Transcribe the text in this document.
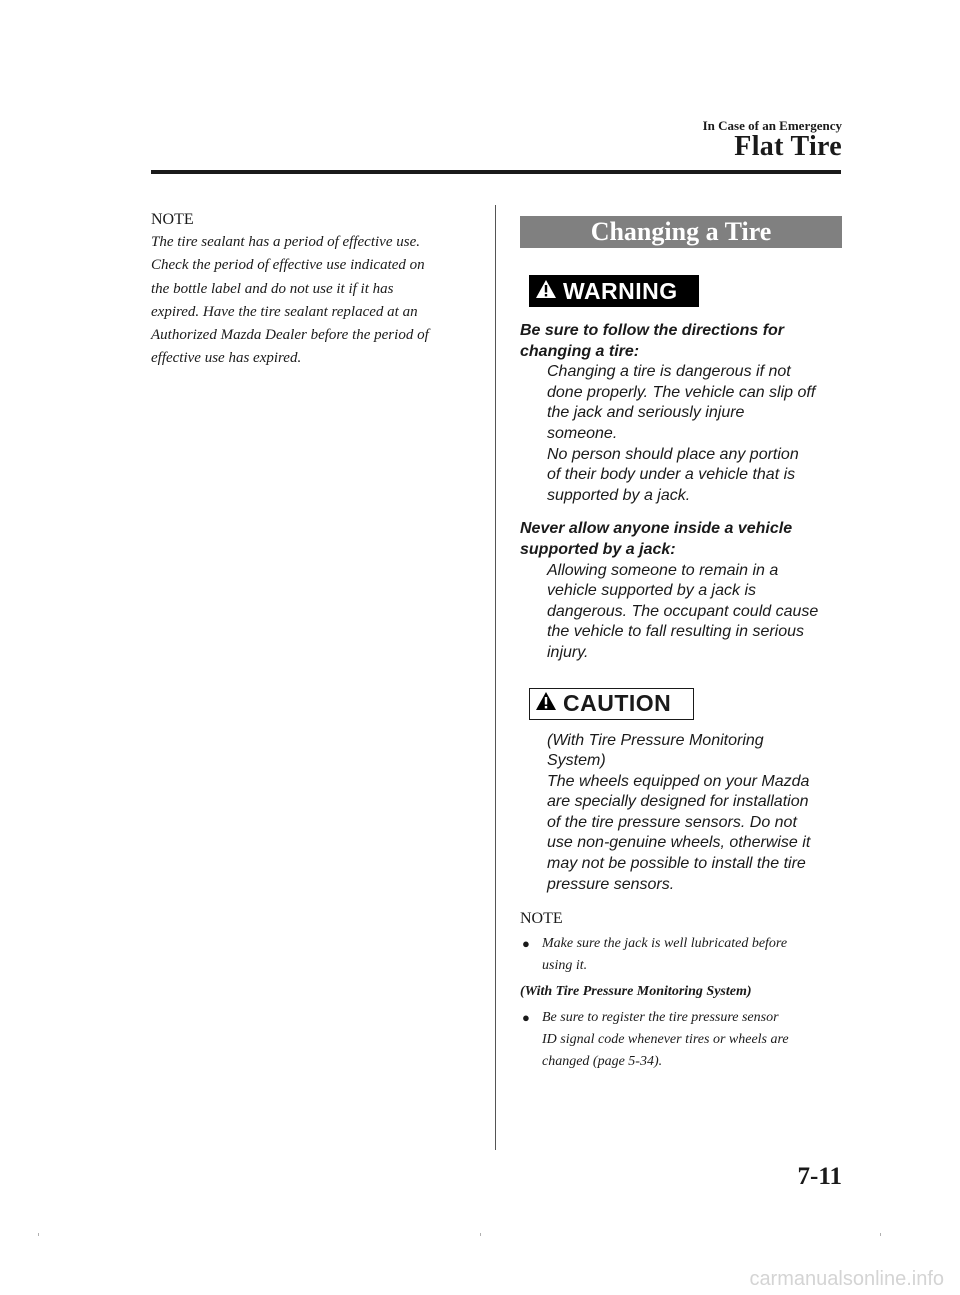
In Case of an Emergency
Flat Tire

NOTE

The tire sealant has a period of effective use.
Check the period of effective use indicated on
the bottle label and do not use it if it has
expired. Have the tire sealant replaced at an
Authorized Mazda Dealer before the period of
effective use has expired.

Changing a Tire
WARNING

Be sure to follow the directions for
changing a tire:

Changing a tire is dangerous if not
done properly. The vehicle can slip off
the jack and seriously injure
someone.
No person should place any portion
of their body under a vehicle that is
supported by a jack.

Never allow anyone inside a vehicle
supported by a jack:

Allowing someone to remain in a
vehicle supported by a jack is
dangerous. The occupant could cause
the vehicle to fall resulting in serious
injury.

CAUTION

(With Tire Pressure Monitoring
System)
The wheels equipped on your Mazda
are specially designed for installation
of the tire pressure sensors. Do not
use non-genuine wheels, otherwise it
may not be possible to install the tire
pressure sensors.

NOTE

● Make sure the jack is well lubricated before
using it.

(With Tire Pressure Monitoring System)

● Be sure to register the tire pressure sensor
ID signal code whenever tires or wheels are
changed (page 5-34).

7-11
carmanualsonline.info
